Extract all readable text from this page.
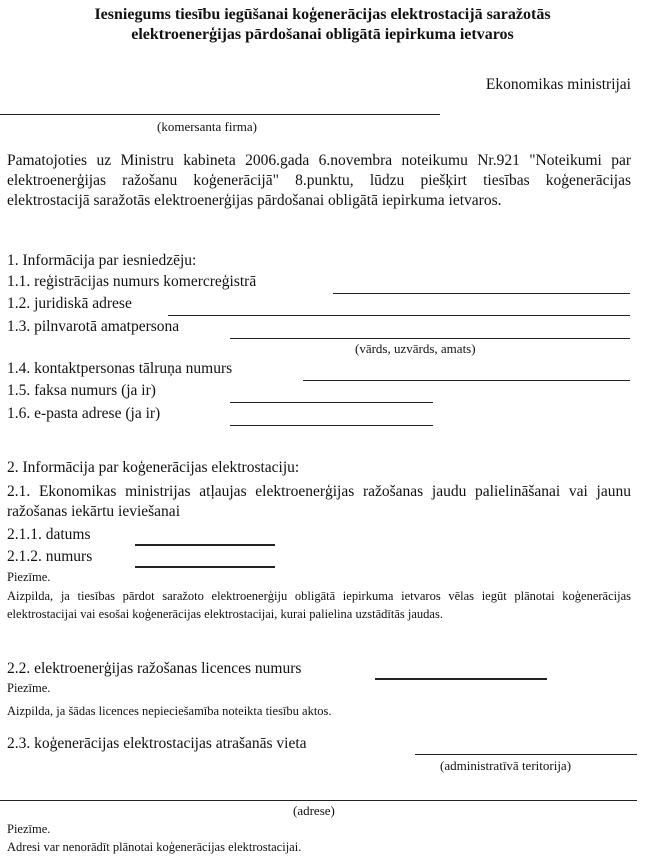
Iesniegums tiesību iegūšanai koģenerācijas elektrostacijā saražotās
elektroenerģijas pārdošanai obligātā iepirkuma ietvaros
Ekonomikas ministrijai
(komersanta firma)
Pamatojoties uz Ministru kabineta 2006.gada 6.novembra noteikumu Nr.921 "Noteikumi par elektroenerģijas ražošanu koģenerācijā" 8.punktu, lūdzu piešķirt tiesības koģenerācijas elektrostacijā saražotās elektroenerģijas pārdošanai obligātā iepirkuma ietvaros.
1. Informācija par iesniedzēju:
1.1. reģistrācijas numurs komercreģistrā
1.2. juridiskā adrese
1.3. pilnvarotā amatpersona
(vārds, uzvārds, amats)
1.4. kontaktpersonas tālruņa numurs
1.5. faksa numurs (ja ir)
1.6. e-pasta adrese (ja ir)
2. Informācija par koģenerācijas elektrostaciju:
2.1. Ekonomikas ministrijas atļaujas elektroenerģijas ražošanas jaudu palielināšanai vai jaunu ražošanas iekārtu ieviešanai
2.1.1. datums
2.1.2. numurs
Piezīme.
Aizpilda, ja tiesības pārdot saražoto elektroenerģiju obligātā iepirkuma ietvaros vēlas iegūt plānotai koģenerācijas elektrostacijai vai esošai koģenerācijas elektrostacijai, kurai palielina uzstādītās jaudas.
2.2. elektroenerģijas ražošanas licences numurs
Piezīme.
Aizpilda, ja šādas licences nepieciešamība noteikta tiesību aktos.
2.3. koģenerācijas elektrostacijas atrašanās vieta
(administratīvā teritorija)
(adrese)
Piezīme.
Adresi var nenorādīt plānotai koģenerācijas elektrostacijai.
